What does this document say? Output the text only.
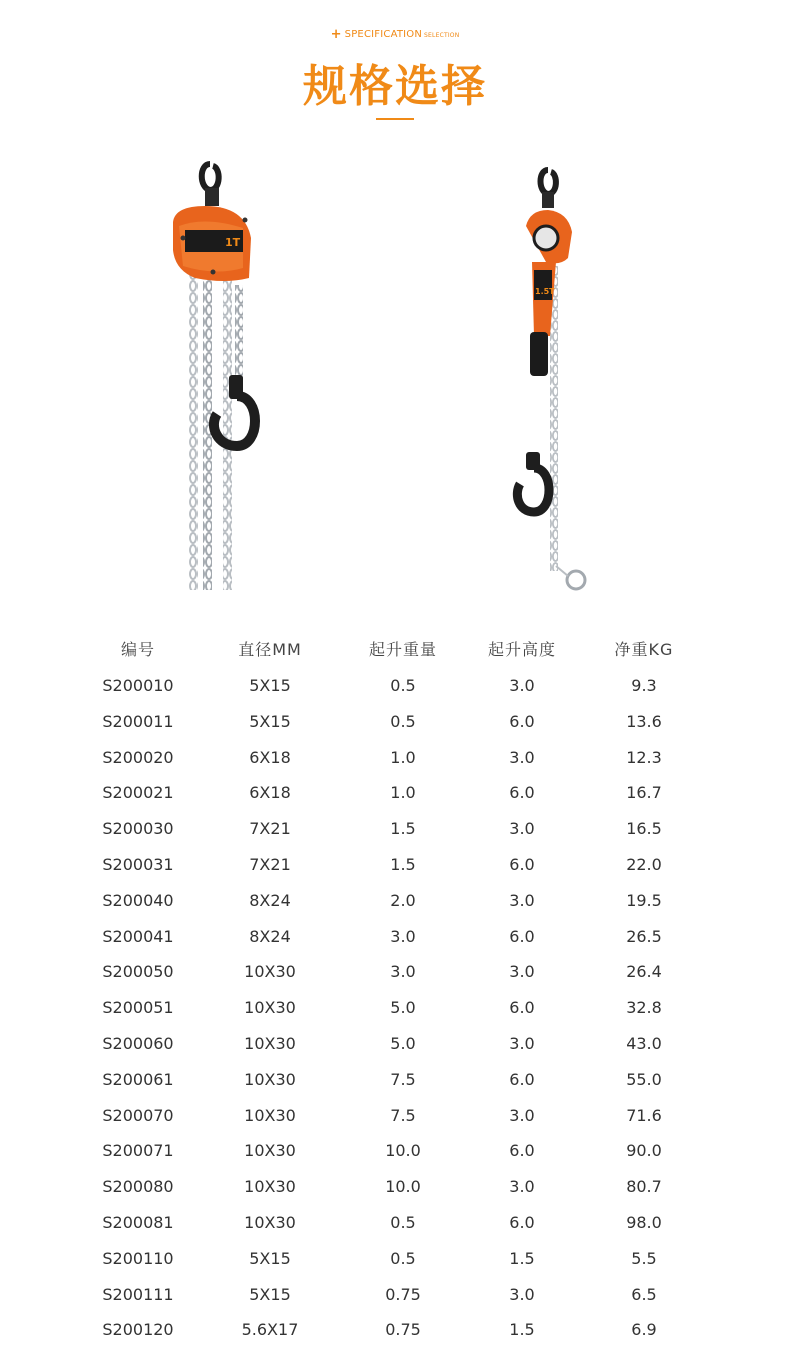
+ SPECIFICATION SELECTION
规格选择
1T
1.5T
编号	直径MM	起升重量	起升高度	净重KG
S200010	5X15	0.5	3.0	9.3
S200011	5X15	0.5	6.0	13.6
S200020	6X18	1.0	3.0	12.3
S200021	6X18	1.0	6.0	16.7
S200030	7X21	1.5	3.0	16.5
S200031	7X21	1.5	6.0	22.0
S200040	8X24	2.0	3.0	19.5
S200041	8X24	3.0	6.0	26.5
S200050	10X30	3.0	3.0	26.4
S200051	10X30	5.0	6.0	32.8
S200060	10X30	5.0	3.0	43.0
S200061	10X30	7.5	6.0	55.0
S200070	10X30	7.5	3.0	71.6
S200071	10X30	10.0	6.0	90.0
S200080	10X30	10.0	3.0	80.7
S200081	10X30	0.5	6.0	98.0
S200110	5X15	0.5	1.5	5.5
S200111	5X15	0.75	3.0	6.5
S200120	5.6X17	0.75	1.5	6.9
